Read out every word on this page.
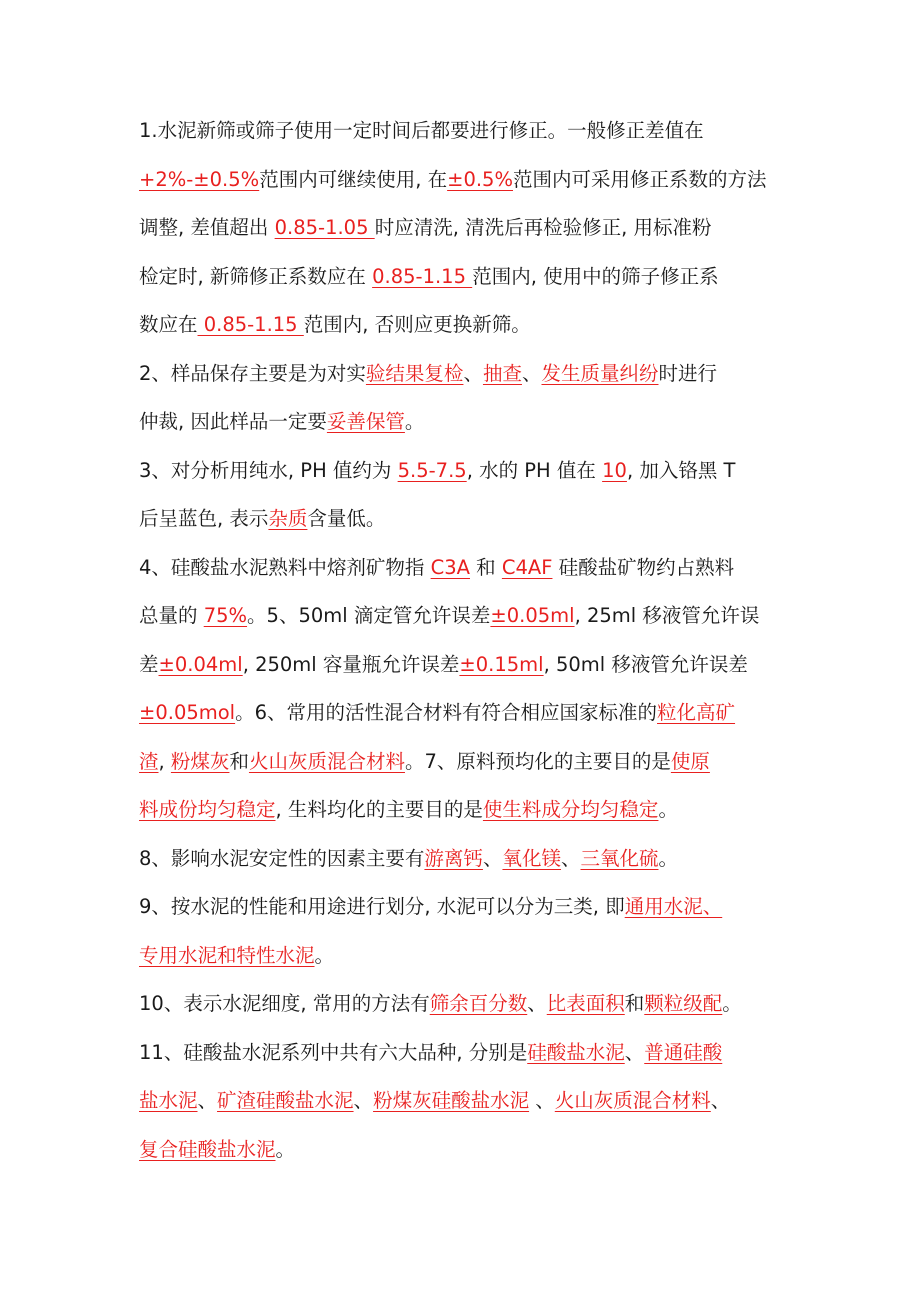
1.水泥新筛或筛子使用一定时间后都要进行修正。一般修正差值在
+2%-±0.5%范围内可继续使用, 在±0.5%范围内可采用修正系数的方法
调整, 差值超出 0.85-1.05 时应清洗, 清洗后再检验修正, 用标准粉
检定时, 新筛修正系数应在 0.85-1.15 范围内, 使用中的筛子修正系
数应在 0.85-1.15 范围内, 否则应更换新筛。
2、样品保存主要是为对实验结果复检、抽查、发生质量纠纷时进行
仲裁, 因此样品一定要妥善保管。
3、对分析用纯水, PH 值约为 5.5-7.5, 水的 PH 值在 10, 加入铬黑 T
后呈蓝色, 表示杂质含量低。
4、硅酸盐水泥熟料中熔剂矿物指 C3A 和 C4AF 硅酸盐矿物约占熟料
总量的 75%。5、50ml 滴定管允许误差±0.05ml, 25ml 移液管允许误
差±0.04ml, 250ml 容量瓶允许误差±0.15ml, 50ml 移液管允许误差
±0.05mol。6、常用的活性混合材料有符合相应国家标准的粒化高矿
渣, 粉煤灰和火山灰质混合材料。7、原料预均化的主要目的是使原
料成份均匀稳定, 生料均化的主要目的是使生料成分均匀稳定。
8、影响水泥安定性的因素主要有游离钙、氧化镁、三氧化硫。
9、按水泥的性能和用途进行划分, 水泥可以分为三类, 即通用水泥、
专用水泥和特性水泥。
10、表示水泥细度, 常用的方法有筛余百分数、比表面积和颗粒级配。
11、硅酸盐水泥系列中共有六大品种, 分别是硅酸盐水泥、普通硅酸
盐水泥、矿渣硅酸盐水泥、粉煤灰硅酸盐水泥 、火山灰质混合材料、
复合硅酸盐水泥。
